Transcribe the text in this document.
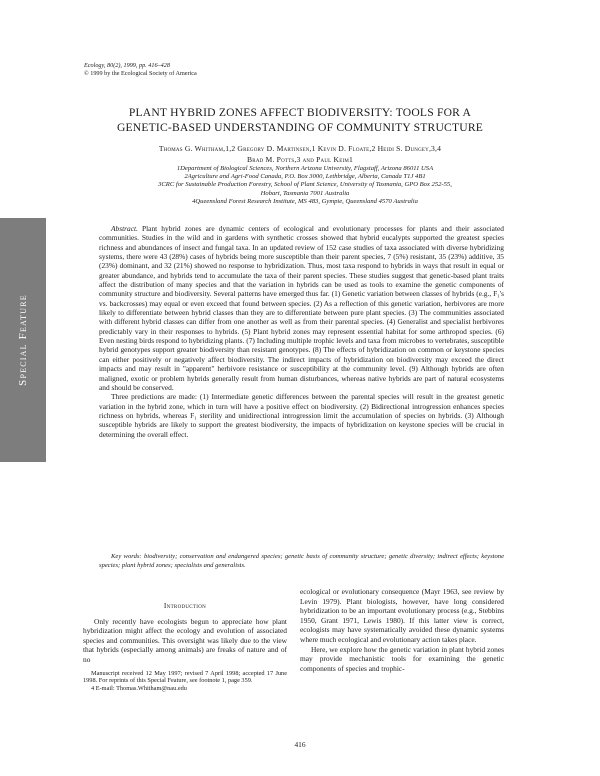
Ecology, 80(2), 1999, pp. 416–428
© 1999 by the Ecological Society of America
PLANT HYBRID ZONES AFFECT BIODIVERSITY: TOOLS FOR A
GENETIC-BASED UNDERSTANDING OF COMMUNITY STRUCTURE
Thomas G. Whitham,1,2 Gregory D. Martinsen,1 Kevin D. Floate,2 Heidi S. Dungey,3,4
Brad M. Potts,3 and Paul Keim1
1Department of Biological Sciences, Northern Arizona University, Flagstaff, Arizona 86011 USA
2Agriculture and Agri-Food Canada, P.O. Box 3000, Lethbridge, Alberta, Canada T1J 4B1
3CRC for Sustainable Production Forestry, School of Plant Science, University of Tasmania, GPO Box 252-55,
Hobart, Tasmania 7001 Australia
4Queensland Forest Research Institute, MS 483, Gympie, Queensland 4570 Australia
Special Feature

Abstract. Plant hybrid zones are dynamic centers of ecological and evolutionary processes for plants and their associated communities. Studies in the wild and in gardens with synthetic crosses showed that hybrid eucalypts supported the greatest species richness and abundances of insect and fungal taxa. In an updated review of 152 case studies of taxa associated with diverse hybridizing systems, there were 43 (28%) cases of hybrids being more susceptible than their parent species, 7 (5%) resistant, 35 (23%) additive, 35 (23%) dominant, and 32 (21%) showed no response to hybridization. Thus, most taxa respond to hybrids in ways that result in equal or greater abundance, and hybrids tend to accumulate the taxa of their parent species. These studies suggest that genetic-based plant traits affect the distribution of many species and that the variation in hybrids can be used as tools to examine the genetic components of community structure and biodiversity. Several patterns have emerged thus far. (1) Genetic variation between classes of hybrids (e.g., F₁'s vs. backcrosses) may equal or even exceed that found between species. (2) As a reflection of this genetic variation, herbivores are more likely to differentiate between hybrid classes than they are to differentiate between pure plant species. (3) The communities associated with different hybrid classes can differ from one another as well as from their parental species. (4) Generalist and specialist herbivores predictably vary in their responses to hybrids. (5) Plant hybrid zones may represent essential habitat for some arthropod species. (6) Even nesting birds respond to hybridizing plants. (7) Including multiple trophic levels and taxa from microbes to vertebrates, susceptible hybrid genotypes support greater biodiversity than resistant genotypes. (8) The effects of hybridization on common or keystone species can either positively or negatively affect biodiversity. The indirect impacts of hybridization on biodiversity may exceed the direct impacts and may result in "apparent" herbivore resistance or susceptibility at the community level. (9) Although hybrids are often maligned, exotic or problem hybrids generally result from human disturbances, whereas native hybrids are part of natural ecosystems and should be conserved.

Three predictions are made: (1) Intermediate genetic differences between the parental species will result in the greatest genetic variation in the hybrid zone, which in turn will have a positive effect on biodiversity. (2) Bidirectional introgression enhances species richness on hybrids, whereas F₁ sterility and unidirectional introgression limit the accumulation of species on hybrids. (3) Although susceptible hybrids are likely to support the greatest biodiversity, the impacts of hybridization on keystone species will be crucial in determining the overall effect.

Key words: biodiversity; conservation and endangered species; genetic basis of community structure; genetic diversity; indirect effects; keystone species; plant hybrid zones; specialists and generalists.

Introduction

Only recently have ecologists begun to appreciate how plant hybridization might affect the ecology and evolution of associated species and communities. This oversight was likely due to the view that hybrids (especially among animals) are freaks of nature and of no

Manuscript received 12 May 1997; revised 7 April 1998; accepted 17 June 1998. For reprints of this Special Feature, see footnote 1, page 359.

4 E-mail: Thomas.Whitham@nau.edu

ecological or evolutionary consequence (Mayr 1963, see review by Levin 1979). Plant biologists, however, have long considered hybridization to be an important evolutionary process (e.g., Stebbins 1950, Grant 1971, Lewis 1980). If this latter view is correct, ecologists may have systematically avoided these dynamic systems where much ecological and evolutionary action takes place.

Here, we explore how the genetic variation in plant hybrid zones may provide mechanistic tools for examining the genetic components of species and trophic-

416
